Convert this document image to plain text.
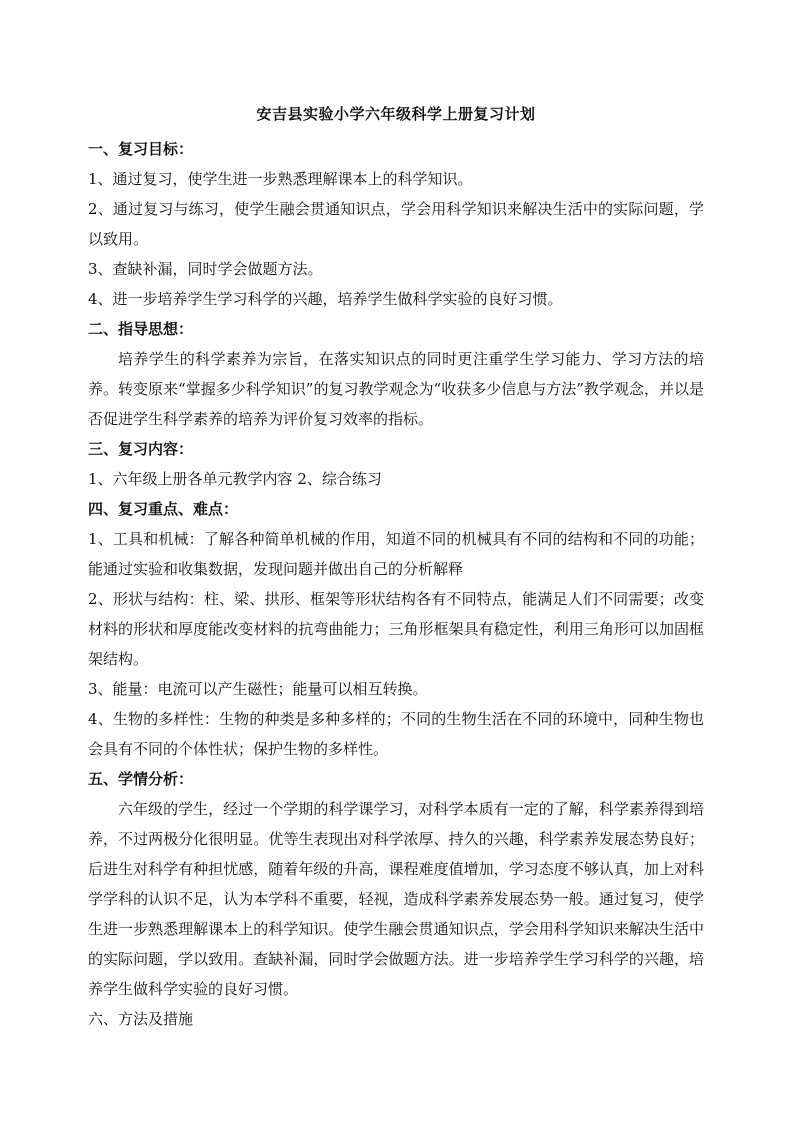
安吉县实验小学六年级科学上册复习计划

一、复习目标：

1、通过复习，使学生进一步熟悉理解课本上的科学知识。

2、通过复习与练习，使学生融会贯通知识点，学会用科学知识来解决生活中的实际问题，学以致用。

3、查缺补漏，同时学会做题方法。

4、进一步培养学生学习科学的兴趣，培养学生做科学实验的良好习惯。

二、指导思想：

培养学生的科学素养为宗旨，在落实知识点的同时更注重学生学习能力、学习方法的培养。转变原来“掌握多少科学知识”的复习教学观念为“收获多少信息与方法”教学观念，并以是否促进学生科学素养的培养为评价复习效率的指标。

三、复习内容：

1、六年级上册各单元教学内容 2、综合练习

四、复习重点、难点：

1、工具和机械：了解各种简单机械的作用，知道不同的机械具有不同的结构和不同的功能；能通过实验和收集数据，发现问题并做出自己的分析解释

2、形状与结构：柱、梁、拱形、框架等形状结构各有不同特点，能满足人们不同需要；改变材料的形状和厚度能改变材料的抗弯曲能力；三角形框架具有稳定性，利用三角形可以加固框架结构。

3、能量：电流可以产生磁性；能量可以相互转换。

4、生物的多样性：生物的种类是多种多样的；不同的生物生活在不同的环境中，同种生物也会具有不同的个体性状；保护生物的多样性。

五、学情分析：

六年级的学生，经过一个学期的科学课学习，对科学本质有一定的了解，科学素养得到培养，不过两极分化很明显。优等生表现出对科学浓厚、持久的兴趣，科学素养发展态势良好；后进生对科学有种担忧感，随着年级的升高，课程难度值增加，学习态度不够认真，加上对科学学科的认识不足，认为本学科不重要，轻视，造成科学素养发展态势一般。通过复习，使学生进一步熟悉理解课本上的科学知识。使学生融会贯通知识点，学会用科学知识来解决生活中的实际问题，学以致用。查缺补漏，同时学会做题方法。进一步培养学生学习科学的兴趣，培养学生做科学实验的良好习惯。

六、方法及措施
